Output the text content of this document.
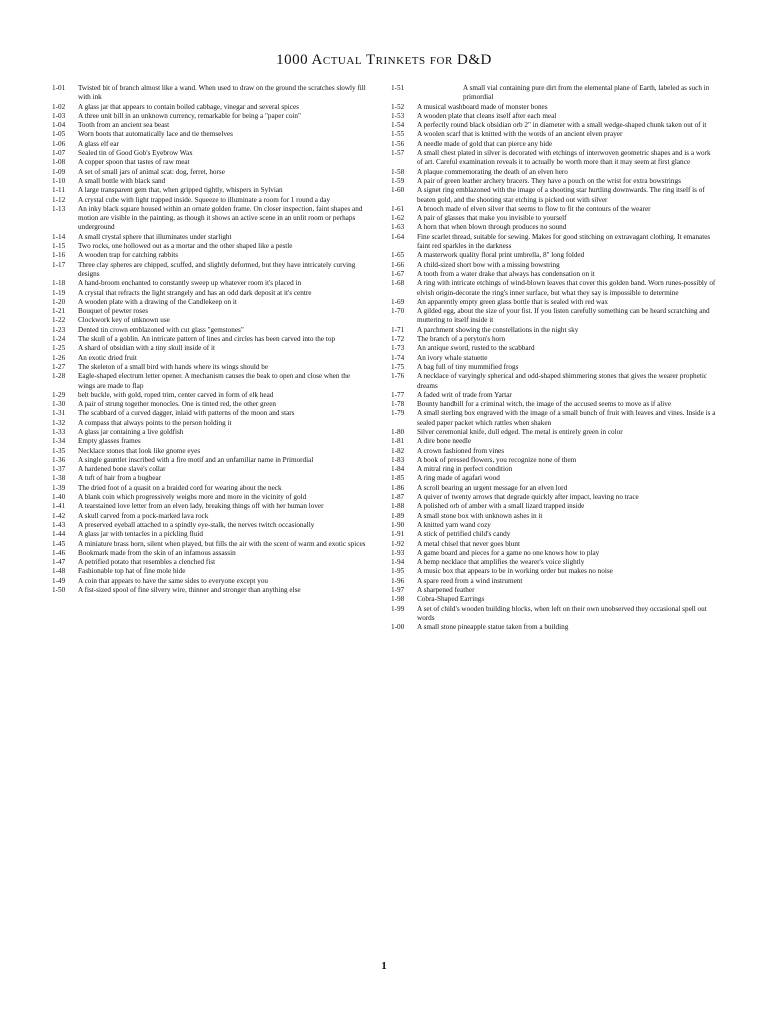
1000 Actual Trinkets for D&D
1-01	Twisted bit of branch almost like a wand. When used to draw on the ground the scratches slowly fill with ink
1-02	A glass jar that appears to contain boiled cabbage, vinegar and several spices
1-03	A three unit bill in an unknown currency, remarkable for being a "paper coin"
1-04	Tooth from an ancient sea beast
1-05	Worn boots that automatically lace and tie themselves
1-06	A glass elf ear
1-07	Sealed tin of Good Gob's Eyebrow Wax
1-08	A copper spoon that tastes of raw meat
1-09	A set of small jars of animal scat: dog, ferret, horse
1-10	A small bottle with black sand
1-11	A large transparent gem that, when gripped tightly, whispers in Sylvian
1-12	A crystal cube with light trapped inside. Squeeze to illuminate a room for 1 round a day
1-13	An inky black square housed within an ornate golden frame. On closer inspection, faint shapes and motion are visible in the painting, as though it shows an active scene in an unlit room or perhaps underground
1-14	A small crystal sphere that illuminates under starlight
1-15	Two rocks, one hollowed out as a mortar and the other shaped like a pestle
1-16	A wooden trap for catching rabbits
1-17	Three clay spheres are chipped, scuffed, and slightly deformed, but they have intricately curving designs
1-18	A hand-broom enchanted to constantly sweep up whatever room it's placed in
1-19	A crystal that refracts the light strangely and has an odd dark deposit at it's centre
1-20	A wooden plate with a drawing of the Candlekeep on it
1-21	Bouquet of pewter roses
1-22	Clockwork key of unknown use
1-23	Dented tin crown emblazoned with cut glass "gemstones"
1-24	The skull of a goblin. An intricate pattern of lines and circles has been carved into the top
1-25	A shard of obsidian with a tiny skull inside of it
1-26	An exotic dried fruit
1-27	The skeleton of a small bird with hands where its wings should be
1-28	Eagle-shaped electrum letter opener. A mechanism causes the beak to open and close when the wings are made to flap
1-29	belt buckle, with gold, roped trim, center carved in form of elk head
1-30	A pair of strung together monocles. One is tinted red, the other green
1-31	The scabbard of a curved dagger, inlaid with patterns of the moon and stars
1-32	A compass that always points to the person holding it
1-33	A glass jar containing a live goldfish
1-34	Empty glasses frames
1-35	Necklace stones that look like gnome eyes
1-36	A single gauntlet inscribed with a fire motif and an unfamiliar name in Primordial
1-37	A hardened bone slave's collar
1-38	A tuft of hair from a bugbear
1-39	The dried foot of a quasit on a braided cord for wearing about the neck
1-40	A blank coin which progressively weighs more and more in the vicinity of gold
1-41	A tearstained love letter from an elven lady, breaking things off with her human lover
1-42	A skull carved from a pock-marked lava rock
1-43	A preserved eyeball attached to a spindly eye-stalk, the nerves twitch occasionally
1-44	A glass jar with tentacles in a pickling fluid
1-45	A miniature brass horn, silent when played, but fills the air with the scent of warm and exotic spices
1-46	Bookmark made from the skin of an infamous assassin
1-47	A petrified potato that resembles a clenched fist
1-48	Fashionable top hat of fine mole hide
1-49	A coin that appears to have the same sides to everyone except you
1-50	A fist-sized spool of fine silvery wire, thinner and stronger than anything else
1-51	A small vial containing pure dirt from the elemental plane of Earth, labeled as such in primordial
1-52	A musical washboard made of monster bones
1-53	A wooden plate that cleans itself after each meal
1-54	A perfectly round black obsidian orb 2" in diameter with a small wedge-shaped chunk taken out of it
1-55	A woolen scarf that is knitted with the words of an ancient elven prayer
1-56	A needle made of gold that can pierce any hide
1-57	A small chest plated in silver is decorated with etchings of interwoven geometric shapes and is a work of art. Careful examination reveals it to actually be worth more than it may seem at first glance
1-58	A plaque commemorating the death of an elven hero
1-59	A pair of green leather archery bracers. They have a pouch on the wrist for extra bowstrings
1-60	A signet ring emblazoned with the image of a shooting star hurtling downwards. The ring itself is of beaten gold, and the shooting star etching is picked out with silver
1-61	A brooch made of elven silver that seems to flow to fit the contours of the wearer
1-62	A pair of glasses that make you invisible to yourself
1-63	A horn that when blown through produces no sound
1-64	Fine scarlet thread, suitable for sewing. Makes for good stitching on extravagant clothing. It emanates faint red sparkles in the darkness
1-65	A masterwork quality floral print umbrella, 8" long folded
1-66	A child-sized short bow with a missing bowstring
1-67	A tooth from a water drake that always has condensation on it
1-68	A ring with intricate etchings of wind-blown leaves that cover this golden band. Worn runes-possibly of elvish origin-decorate the ring's inner surface, but what they say is impossible to determine
1-69	An apparently empty green glass bottle that is sealed with red wax
1-70	A gilded egg, about the size of your fist. If you listen carefully something can be heard scratching and muttering to itself inside it
1-71	A parchment showing the constellations in the night sky
1-72	The branch of a peryton's horn
1-73	An antique sword, rusted to the scabbard
1-74	An ivory whale statuette
1-75	A bag full of tiny mummified frogs
1-76	A necklace of varyingly spherical and odd-shaped shimmering stones that gives the wearer prophetic dreams
1-77	A faded writ of trade from Yartar
1-78	Bounty handbill for a criminal witch, the image of the accused seems to move as if alive
1-79	A small sterling box engraved with the image of a small bunch of fruit with leaves and vines. Inside is a sealed paper packet which rattles when shaken
1-80	Silver ceremonial knife, dull edged. The metal is entirely green in color
1-81	A dire bone needle
1-82	A crown fashioned from vines
1-83	A book of pressed flowers, you recognize none of them
1-84	A mitral ring in perfect condition
1-85	A ring made of agafari wood
1-86	A scroll bearing an urgent message for an elven lord
1-87	A quiver of twenty arrows that degrade quickly after impact, leaving no trace
1-88	A polished orb of amber with a small lizard trapped inside
1-89	A small stone box with unknown ashes in it
1-90	A knitted yarn wand cozy
1-91	A stick of petrified child's candy
1-92	A metal chisel that never goes blunt
1-93	A game board and pieces for a game no one knows how to play
1-94	A hemp necklace that amplifies the wearer's voice slightly
1-95	A music box that appears to be in working order but makes no noise
1-96	A spare reed from a wind instrument
1-97	A sharpened feather
1-98	Cobra-Shaped Earrings
1-99	A set of child's wooden building blocks, when left on their own unobserved they occasional spell out words
1-00	A small stone pineapple statue taken from a building
1
